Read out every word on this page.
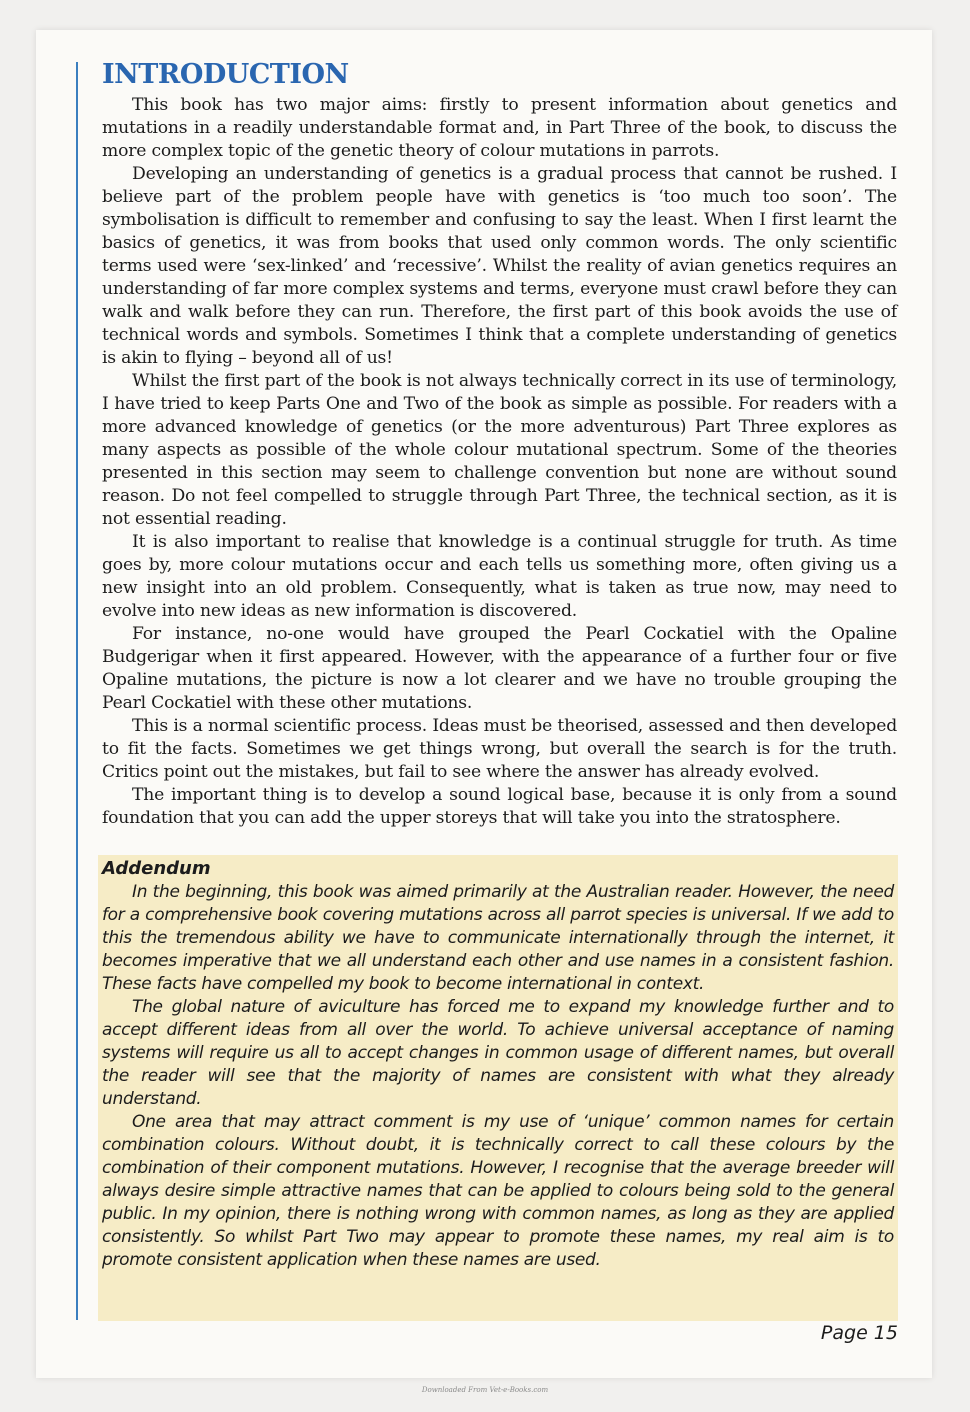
INTRODUCTION

This book has two major aims: firstly to present information about genetics and mutations in a readily understandable format and, in Part Three of the book, to discuss the more complex topic of the genetic theory of colour mutations in parrots.

Developing an understanding of genetics is a gradual process that cannot be rushed. I believe part of the problem people have with genetics is ‘too much too soon’. The symbolisation is difficult to remember and confusing to say the least. When I first learnt the basics of genetics, it was from books that used only common words. The only scientific terms used were ‘sex-linked’ and ‘recessive’. Whilst the reality of avian genetics requires an understanding of far more complex systems and terms, everyone must crawl before they can walk and walk before they can run. Therefore, the first part of this book avoids the use of technical words and symbols. Sometimes I think that a complete understanding of genetics is akin to flying – beyond all of us!

Whilst the first part of the book is not always technically correct in its use of terminology, I have tried to keep Parts One and Two of the book as simple as possible. For readers with a more advanced knowledge of genetics (or the more adventurous) Part Three explores as many aspects as possible of the whole colour mutational spectrum. Some of the theories presented in this section may seem to challenge convention but none are without sound reason. Do not feel compelled to struggle through Part Three, the technical section, as it is not essential reading.

It is also important to realise that knowledge is a continual struggle for truth. As time goes by, more colour mutations occur and each tells us something more, often giving us a new insight into an old problem. Consequently, what is taken as true now, may need to evolve into new ideas as new information is discovered.

For instance, no-one would have grouped the Pearl Cockatiel with the Opaline Budgerigar when it first appeared. However, with the appearance of a further four or five Opaline mutations, the picture is now a lot clearer and we have no trouble grouping the Pearl Cockatiel with these other mutations.

This is a normal scientific process. Ideas must be theorised, assessed and then developed to fit the facts. Sometimes we get things wrong, but overall the search is for the truth. Critics point out the mistakes, but fail to see where the answer has already evolved.

The important thing is to develop a sound logical base, because it is only from a sound foundation that you can add the upper storeys that will take you into the stratosphere.

Addendum

In the beginning, this book was aimed primarily at the Australian reader. However, the need for a comprehensive book covering mutations across all parrot species is universal. If we add to this the tremendous ability we have to communicate internationally through the internet, it becomes imperative that we all understand each other and use names in a consistent fashion. These facts have compelled my book to become international in context.

The global nature of aviculture has forced me to expand my knowledge further and to accept different ideas from all over the world. To achieve universal acceptance of naming systems will require us all to accept changes in common usage of different names, but overall the reader will see that the majority of names are consistent with what they already understand.

One area that may attract comment is my use of ‘unique’ common names for certain combination colours. Without doubt, it is technically correct to call these colours by the combination of their component mutations. However, I recognise that the average breeder will always desire simple attractive names that can be applied to colours being sold to the general public. In my opinion, there is nothing wrong with common names, as long as they are applied consistently. So whilst Part Two may appear to promote these names, my real aim is to promote consistent application when these names are used.

Page 15
Downloaded From Vet-e-Books.com
